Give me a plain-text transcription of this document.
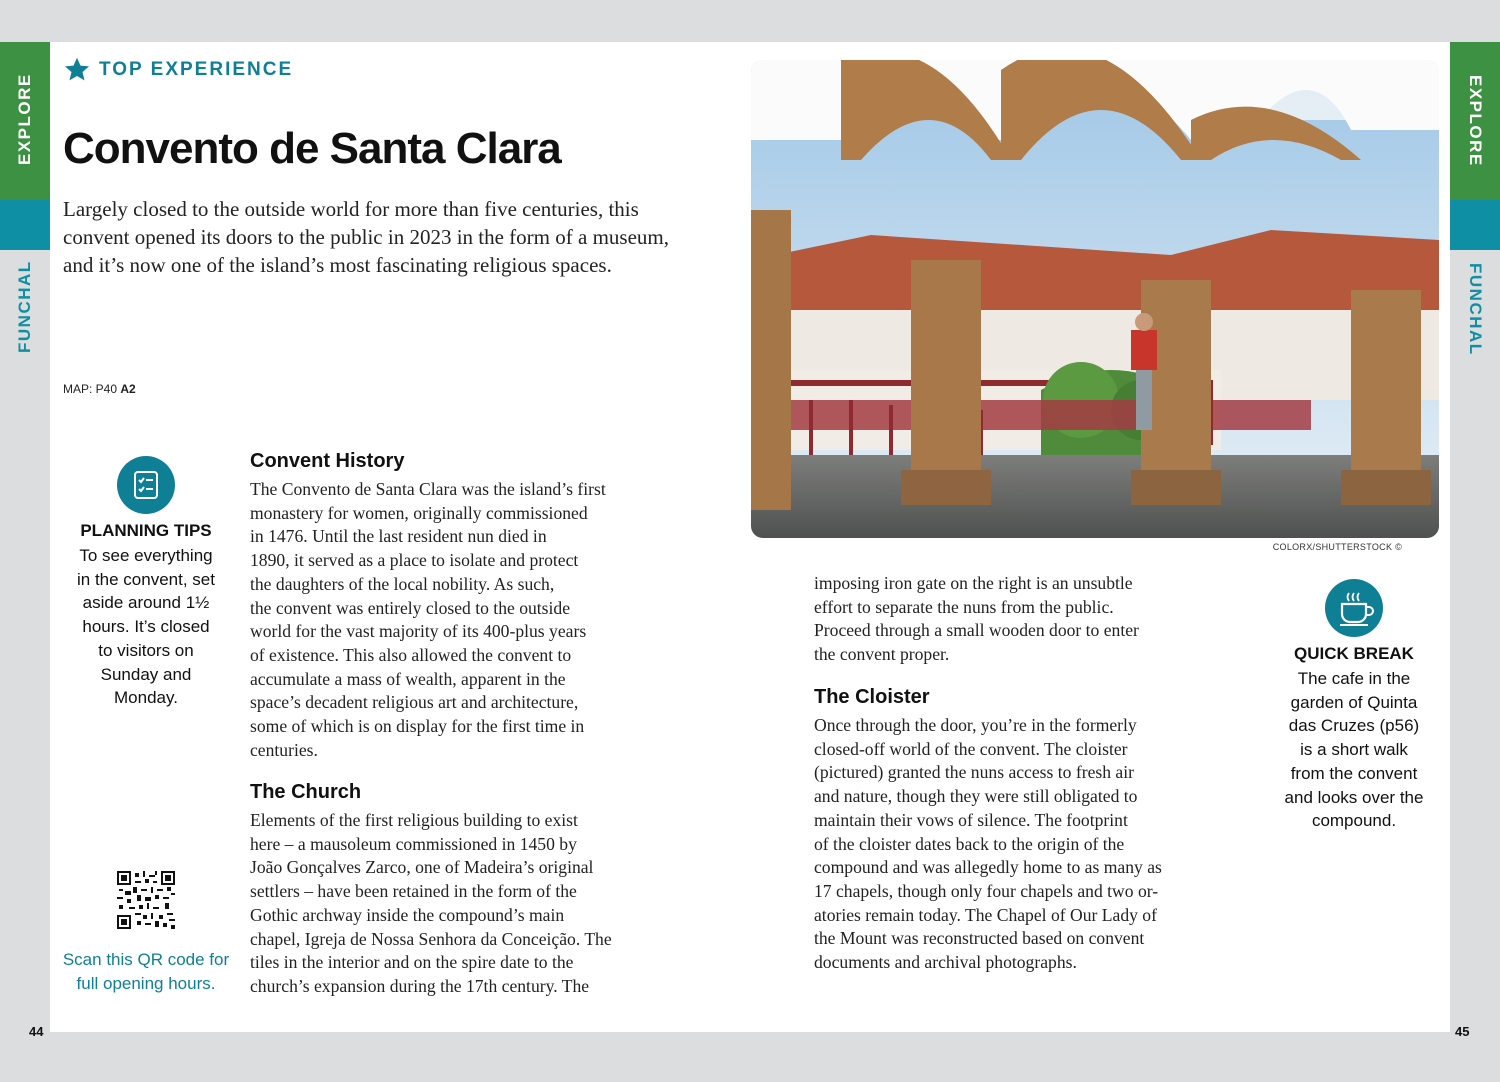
EXPLORE
FUNCHAL
EXPLORE
FUNCHAL
TOP EXPERIENCE
Convento de Santa Clara

Largely closed to the outside world for more than five centuries, this convent opened its doors to the public in 2023 in the form of a museum, and it’s now one of the island’s most fascinating religious spaces.

MAP: P40 A2
PLANNING TIPS

To see everything in the convent, set aside around 1½ hours. It’s closed to visitors on Sunday and Monday.

Scan this QR code for full opening hours.

Convent History

The Convento de Santa Clara was the island’s first
monastery for women, originally commissioned
in 1476. Until the last resident nun died in
1890, it served as a place to isolate and protect
the daughters of the local nobility. As such,
the convent was entirely closed to the outside
world for the vast majority of its 400-plus years
of existence. This also allowed the convent to
accumulate a mass of wealth, apparent in the
space’s decadent religious art and architecture,
some of which is on display for the first time in
centuries.

The Church

Elements of the first religious building to exist
here – a mausoleum commissioned in 1450 by
João Gonçalves Zarco, one of Madeira’s original
settlers – have been retained in the form of the
Gothic archway inside the compound’s main
chapel, Igreja de Nossa Senhora da Conceição. The
tiles in the interior and on the spire date to the
church’s expansion during the 17th century. The

COLORX/SHUTTERSTOCK ©

imposing iron gate on the right is an unsubtle
effort to separate the nuns from the public.
Proceed through a small wooden door to enter
the convent proper.

The Cloister

Once through the door, you’re in the formerly
closed-off world of the convent. The cloister
(pictured) granted the nuns access to fresh air
and nature, though they were still obligated to
maintain their vows of silence. The footprint
of the cloister dates back to the origin of the
compound and was allegedly home to as many as
17 chapels, though only four chapels and two or-
atories remain today. The Chapel of Our Lady of
the Mount was reconstructed based on convent
documents and archival photographs.

QUICK BREAK

The cafe in the garden of Quinta das Cruzes (p56) is a short walk from the convent and looks over the compound.

44	45
